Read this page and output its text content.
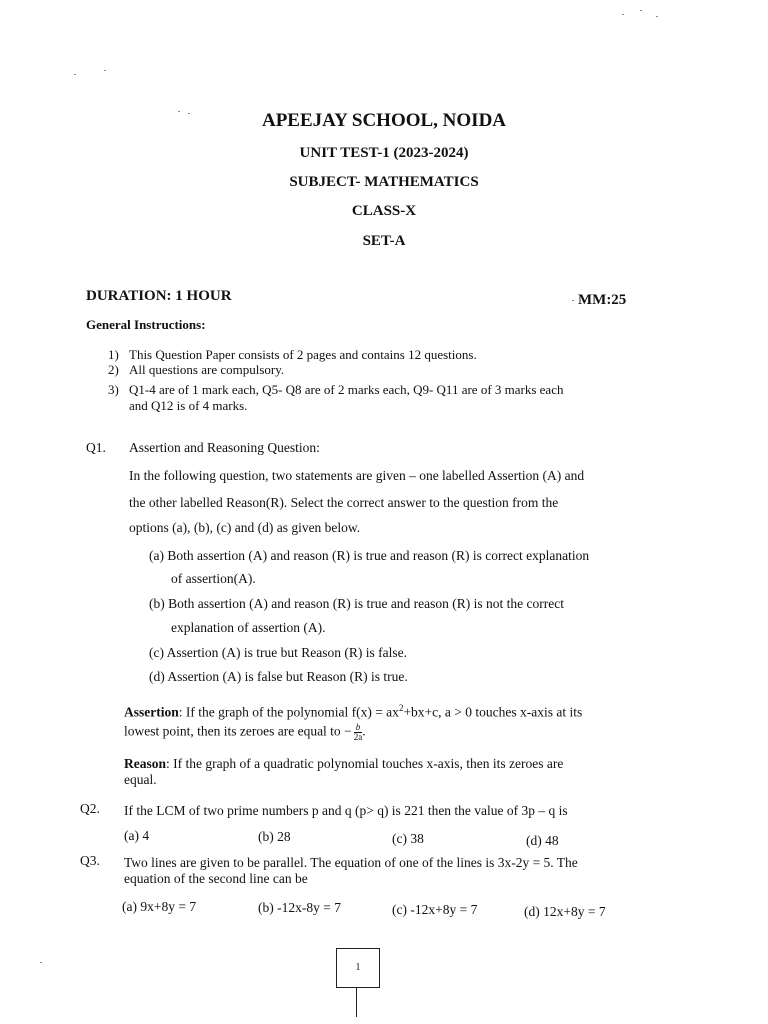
APEEJAY SCHOOL, NOIDA
UNIT TEST-1 (2023-2024)
SUBJECT- MATHEMATICS
CLASS-X
SET-A
DURATION: 1 HOUR	MM:25
General Instructions:
1) This Question Paper consists of 2 pages and contains 12 questions.
2) All questions are compulsory.
3) Q1-4 are of 1 mark each, Q5- Q8 are of 2 marks each, Q9- Q11 are of 3 marks each
and Q12 is of 4 marks.
Q1. Assertion and Reasoning Question:
In the following question, two statements are given – one labelled Assertion (A) and
the other labelled Reason(R). Select the correct answer to the question from the
options (a), (b), (c) and (d) as given below.
(a) Both assertion (A) and reason (R) is true and reason (R) is correct explanation
of assertion(A).
(b) Both assertion (A) and reason (R) is true and reason (R) is not the correct
explanation of assertion (A).
(c) Assertion (A) is true but Reason (R) is false.
(d) Assertion (A) is false but Reason (R) is true.
Assertion: If the graph of the polynomial $f(x) = ax^2+bx+c$, a > 0 touches x-axis at its
lowest point, then its zeroes are equal to − $\frac{b}{2a}$ .
Reason: If the graph of a quadratic polynomial touches x-axis, then its zeroes are
equal.
Q2. If the LCM of two prime numbers p and q (p> q) is 221 then the value of 3p – q is
(a) 4	(b) 28	(c) 38	(d) 48
Q3. Two lines are given to be parallel. The equation of one of the lines is 3x-2y = 5. The
equation of the second line can be
(a) 9x+8y = 7	(b) -12x-8y = 7	(c) -12x+8y = 7	(d) 12x+8y = 7
1
